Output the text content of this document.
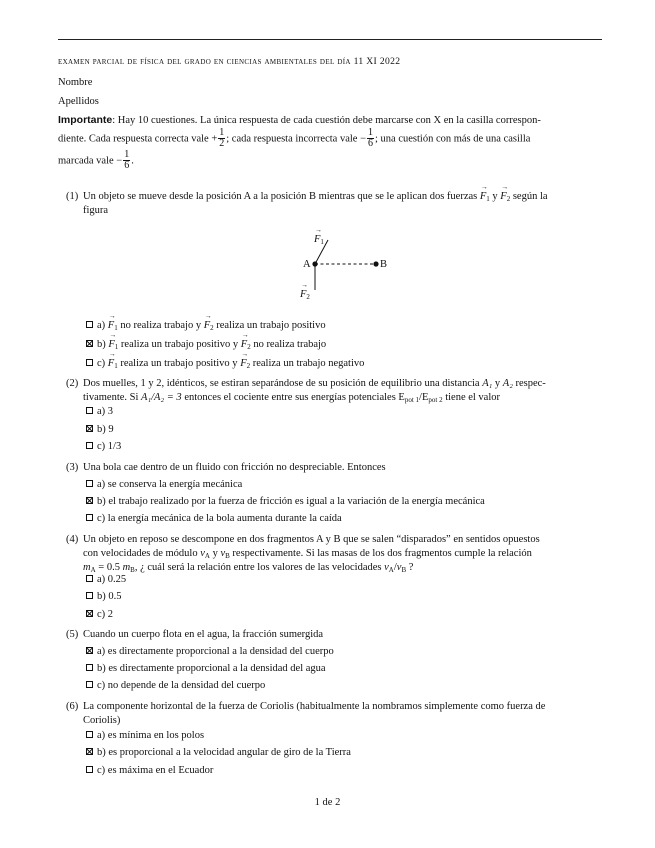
examen parcial de física del grado en ciencias ambientales del día 11 XI 2022
Nombre
Apellidos
Importante: Hay 10 cuestiones. La única respuesta de cada cuestión debe marcarse con X en la casilla correspon-
diente. Cada respuesta correcta vale + $\frac{1}{2}$ ; cada respuesta incorrecta vale − $\frac{1}{6}$ ; una cuestión con más de una casilla
marcada vale − $\frac{1}{6}$ .
(1) Un objeto se mueve desde la posición A a la posición B mientras que se le aplican dos fuerzas → $F_1$ $y \to F_2$ según la
figura
A	B
→ $F_1$
→ $F_2$
$a) \to F_1$ no realiza trabajo $y \to F_2$ realiza un trabajo positivo
$b) \to F_1$ realiza un trabajo positivo $y \to F_2$ no realiza trabajo
$c) \to F_1$ realiza un trabajo positivo $y \to F_2$ realiza un trabajo negativo
(2) Dos muelles, 1 y 2, idénticos, se estiran separándose de su posición de equilibrio una distancia A₁ y A₂ respec-
tivamente. Si A₁/A₂ = 3 entonces el cociente entre sus energías potenciales $E_{pot 1}/E_{pot 2}$ tiene el valor
a) 3
b) 9
c) 1/3
(3) Una bola cae dentro de un fluido con fricción no despreciable. Entonces
a) se conserva la energía mecánica
b) el trabajo realizado por la fuerza de fricción es igual a la variación de la energía mecánica
c) la energía mecánica de la bola aumenta durante la caída
(4) Un objeto en reposo se descompone en dos fragmentos A y B que se salen “disparados” en sentidos opuestos
con velocidades de módulo $v_A$ y $v_B$ respectivamente. Si las masas de los dos fragmentos cumple la relación
$m_A = 0.5$ $m_B$, ¿ cuál será la relación entre los valores de las velocidades $v_A/v_B$ ?
a) 0.25
b) 0.5
c) 2
(5) Cuando un cuerpo flota en el agua, la fracción sumergida
a) es directamente proporcional a la densidad del cuerpo
b) es directamente proporcional a la densidad del agua
c) no depende de la densidad del cuerpo
(6) La componente horizontal de la fuerza de Coriolis (habitualmente la nombramos simplemente como fuerza de
Coriolis)
a) es mínima en los polos
b) es proporcional a la velocidad angular de giro de la Tierra
c) es máxima en el Ecuador
1 de 2
